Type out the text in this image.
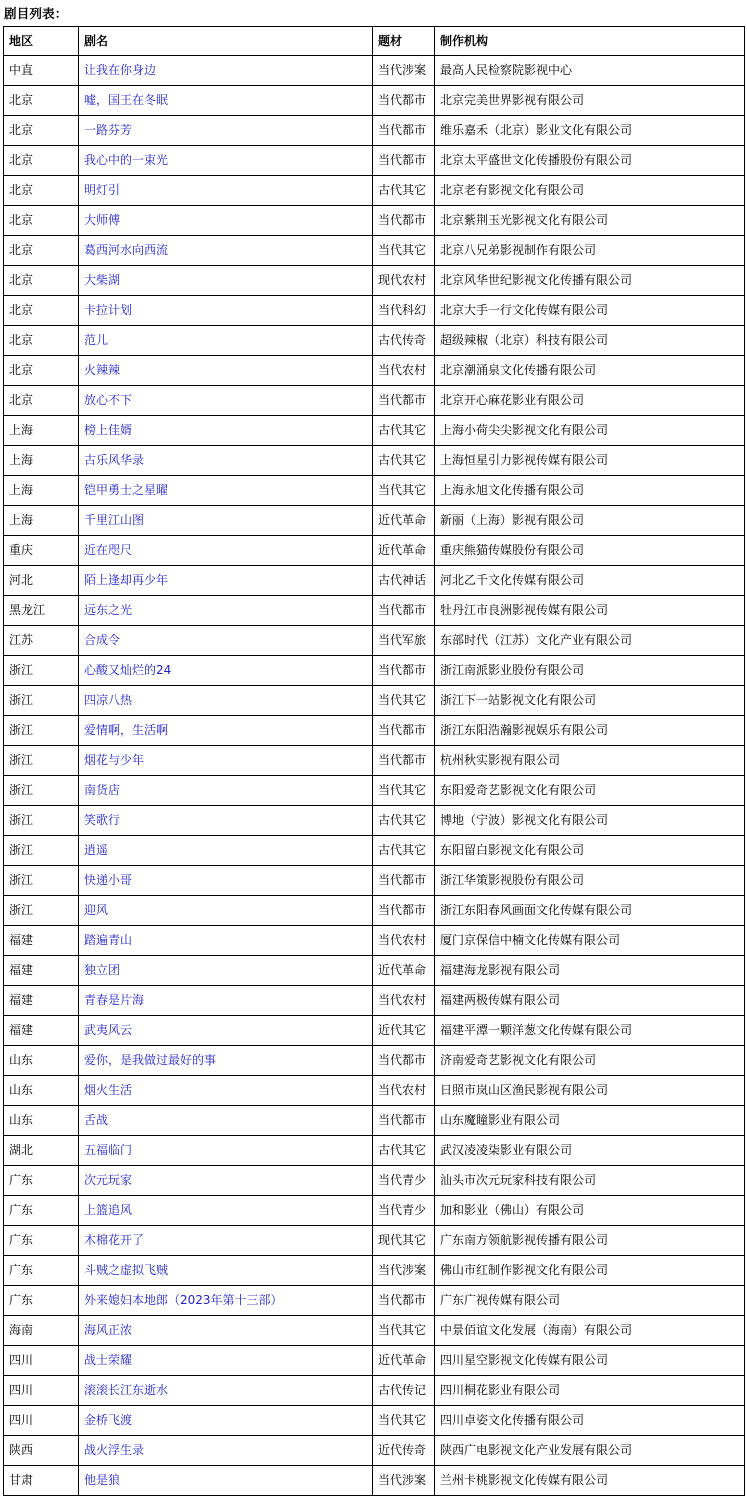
剧目列表：
地区	剧名	题材	制作机构
中直	让我在你身边	当代涉案	最高人民检察院影视中心
北京	嘘，国王在冬眠	当代都市	北京完美世界影视有限公司
北京	一路芬芳	当代都市	维乐嘉禾（北京）影业文化有限公司
北京	我心中的一束光	当代都市	北京太平盛世文化传播股份有限公司
北京	明灯引	古代其它	北京老有影视文化有限公司
北京	大师傅	当代都市	北京紫荆玉光影视文化有限公司
北京	葛西河水向西流	当代其它	北京八兄弟影视制作有限公司
北京	大柴湖	现代农村	北京风华世纪影视文化传播有限公司
北京	卡拉计划	当代科幻	北京大手一行文化传媒有限公司
北京	范儿	古代传奇	超级辣椒（北京）科技有限公司
北京	火辣辣	当代农村	北京潮涌泉文化传播有限公司
北京	放心不下	当代都市	北京开心麻花影业有限公司
上海	榜上佳婿	古代其它	上海小荷尖尖影视文化有限公司
上海	古乐风华录	古代其它	上海恒星引力影视传媒有限公司
上海	铠甲勇士之星曜	当代其它	上海永旭文化传播有限公司
上海	千里江山图	近代革命	新丽（上海）影视有限公司
重庆	近在咫尺	近代革命	重庆熊猫传媒股份有限公司
河北	陌上逢却再少年	古代神话	河北乙千文化传媒有限公司
黑龙江	远东之光	当代都市	牡丹江市良洲影视传媒有限公司
江苏	合成令	当代军旅	东部时代（江苏）文化产业有限公司
浙江	心酸又灿烂的24	当代都市	浙江南派影业股份有限公司
浙江	四凉八热	当代其它	浙江下一站影视文化有限公司
浙江	爱情啊，生活啊	当代都市	浙江东阳浩瀚影视娱乐有限公司
浙江	烟花与少年	当代都市	杭州秋实影视有限公司
浙江	南货店	当代其它	东阳爱奇艺影视文化有限公司
浙江	笑歌行	古代其它	博地（宁波）影视文化有限公司
浙江	逍遥	古代其它	东阳留白影视文化有限公司
浙江	快递小哥	当代都市	浙江华策影视股份有限公司
浙江	迎风	当代都市	浙江东阳春风画面文化传媒有限公司
福建	踏遍青山	当代农村	厦门京保信中楠文化传媒有限公司
福建	独立团	近代革命	福建海龙影视有限公司
福建	青春是片海	当代农村	福建两极传媒有限公司
福建	武夷风云	近代其它	福建平潭一颗洋葱文化传媒有限公司
山东	爱你，是我做过最好的事	当代都市	济南爱奇艺影视文化有限公司
山东	烟火生活	当代农村	日照市岚山区渔民影视有限公司
山东	舌战	当代都市	山东魔瞳影业有限公司
湖北	五福临门	古代其它	武汉凌凌柒影业有限公司
广东	次元玩家	当代青少	汕头市次元玩家科技有限公司
广东	上篮追风	当代青少	加和影业（佛山）有限公司
广东	木棉花开了	现代其它	广东南方领航影视传播有限公司
广东	斗贼之虚拟飞贼	当代涉案	佛山市红制作影视文化有限公司
广东	外来媳妇本地郎（2023年第十三部）	当代都市	广东广视传媒有限公司
海南	海风正浓	当代其它	中景佰谊文化发展（海南）有限公司
四川	战士荣耀	近代革命	四川星空影视文化传媒有限公司
四川	滚滚长江东逝水	古代传记	四川桐花影业有限公司
四川	金桥飞渡	当代其它	四川卓姿文化传播有限公司
陕西	战火浮生录	近代传奇	陕西广电影视文化产业发展有限公司
甘肃	他是狼	当代涉案	兰州卡桃影视文化传媒有限公司
